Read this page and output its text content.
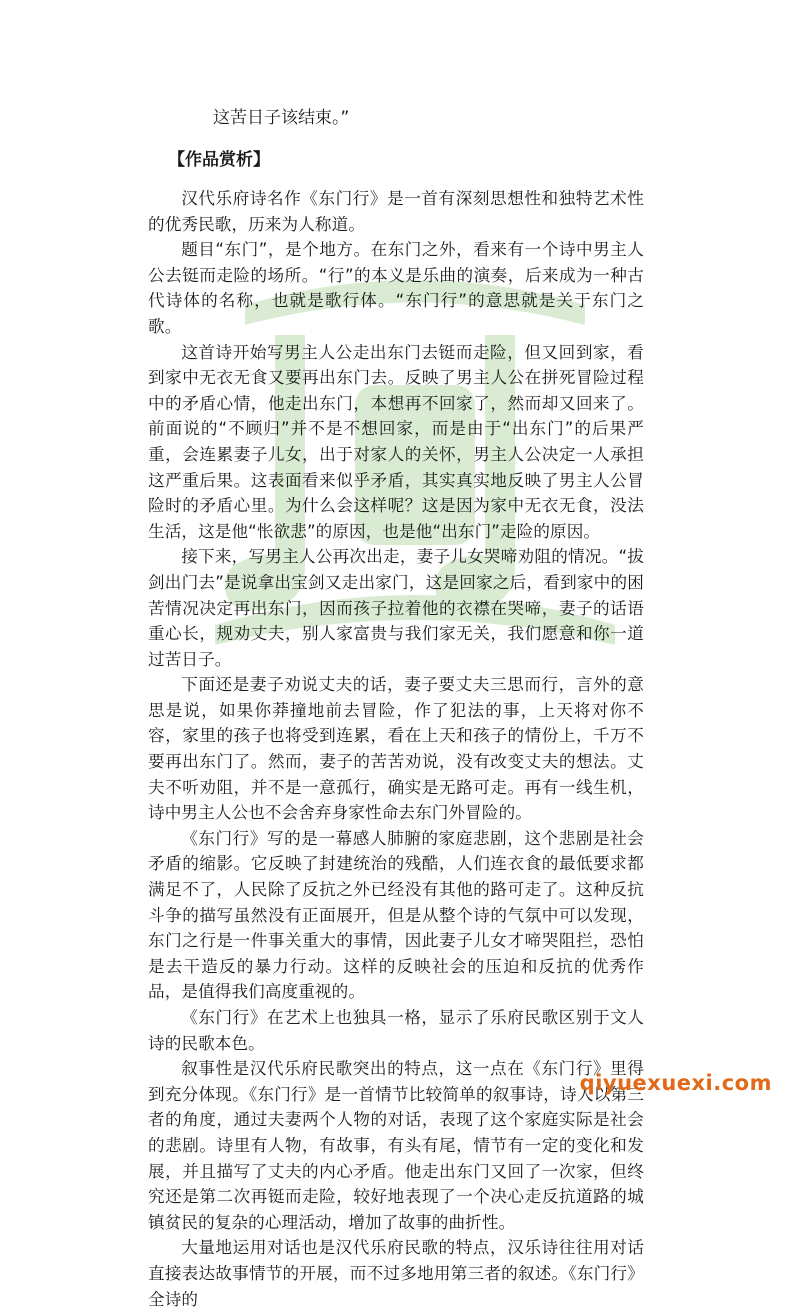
这苦日子该结束。”
【作品赏析】

汉代乐府诗名作《东门行》是一首有深刻思想性和独特艺术性的优秀民歌，历来为人称道。

题目“东门”，是个地方。在东门之外，看来有一个诗中男主人公去铤而走险的场所。“行”的本义是乐曲的演奏，后来成为一种古代诗体的名称，也就是歌行体。“东门行”的意思就是关于东门之歌。

这首诗开始写男主人公走出东门去铤而走险，但又回到家，看到家中无衣无食又要再出东门去。反映了男主人公在拼死冒险过程中的矛盾心情，他走出东门，本想再不回家了，然而却又回来了。前面说的“不顾归”并不是不想回家，而是由于“出东门”的后果严重，会连累妻子儿女，出于对家人的关怀，男主人公决定一人承担这严重后果。这表面看来似乎矛盾，其实真实地反映了男主人公冒险时的矛盾心里。为什么会这样呢？这是因为家中无衣无食，没法生活，这是他“怅欲悲”的原因，也是他“出东门”走险的原因。

接下来，写男主人公再次出走，妻子儿女哭啼劝阻的情况。“拔剑出门去”是说拿出宝剑又走出家门，这是回家之后，看到家中的困苦情况决定再出东门，因而孩子拉着他的衣襟在哭啼，妻子的话语重心长，规劝丈夫，别人家富贵与我们家无关，我们愿意和你一道过苦日子。

下面还是妻子劝说丈夫的话，妻子要丈夫三思而行，言外的意思是说，如果你莽撞地前去冒险，作了犯法的事，上天将对你不容，家里的孩子也将受到连累，看在上天和孩子的情份上，千万不要再出东门了。然而，妻子的苦苦劝说，没有改变丈夫的想法。丈夫不听劝阻，并不是一意孤行，确实是无路可走。再有一线生机，诗中男主人公也不会舍弃身家性命去东门外冒险的。

《东门行》写的是一幕感人肺腑的家庭悲剧，这个悲剧是社会矛盾的缩影。它反映了封建统治的残酷，人们连衣食的最低要求都满足不了，人民除了反抗之外已经没有其他的路可走了。这种反抗斗争的描写虽然没有正面展开，但是从整个诗的气氛中可以发现，东门之行是一件事关重大的事情，因此妻子儿女才啼哭阻拦，恐怕是去干造反的暴力行动。这样的反映社会的压迫和反抗的优秀作品，是值得我们高度重视的。

《东门行》在艺术上也独具一格，显示了乐府民歌区别于文人诗的民歌本色。

叙事性是汉代乐府民歌突出的特点，这一点在《东门行》里得到充分体现。《东门行》是一首情节比较简单的叙事诗，诗人以第三者的角度，通过夫妻两个人物的对话，表现了这个家庭实际是社会的悲剧。诗里有人物，有故事，有头有尾，情节有一定的变化和发展，并且描写了丈夫的内心矛盾。他走出东门又回了一次家，但终究还是第二次再铤而走险，较好地表现了一个决心走反抗道路的城镇贫民的复杂的心理活动，增加了故事的曲折性。

大量地运用对话也是汉代乐府民歌的特点，汉乐诗往往用对话直接表达故事情节的开展，而不过多地用第三者的叙述。《东门行》全诗的

qiyuexuexi.com
